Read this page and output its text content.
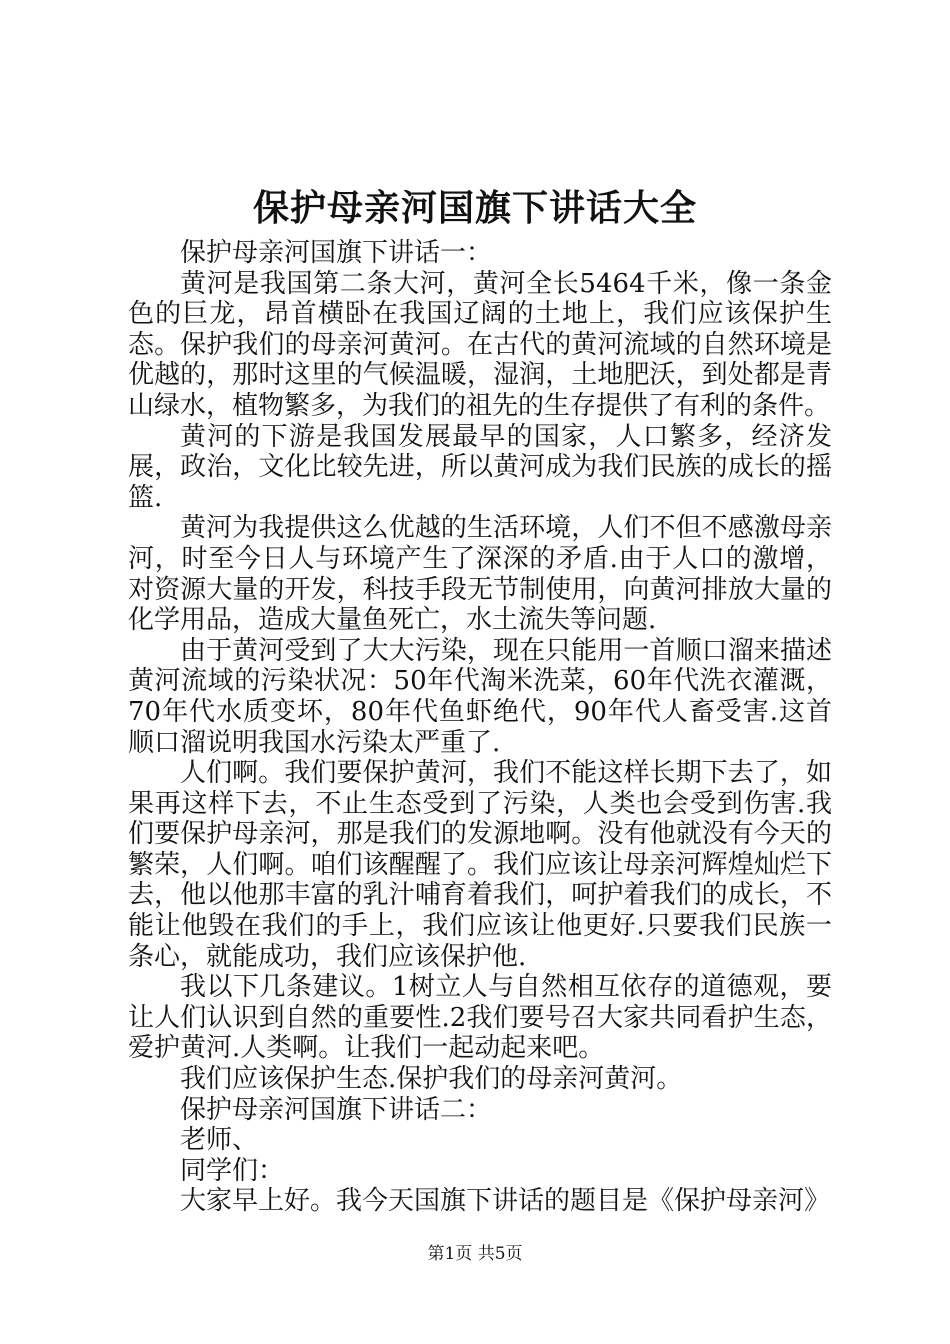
保护母亲河国旗下讲话大全

保护母亲河国旗下讲话一：

黄河是我国第二条大河，黄河全长5464千米，像一条金色的巨龙，昂首横卧在我国辽阔的土地上，我们应该保护生态。保护我们的母亲河黄河。在古代的黄河流域的自然环境是优越的，那时这里的气候温暖，湿润，土地肥沃，到处都是青山绿水，植物繁多，为我们的祖先的生存提供了有利的条件。

黄河的下游是我国发展最早的国家，人口繁多，经济发展，政治，文化比较先进，所以黄河成为我们民族的成长的摇篮.

黄河为我提供这么优越的生活环境，人们不但不感激母亲河，时至今日人与环境产生了深深的矛盾.由于人口的激增，对资源大量的开发，科技手段无节制使用，向黄河排放大量的化学用品，造成大量鱼死亡，水土流失等问题.

由于黄河受到了大大污染，现在只能用一首顺口溜来描述黄河流域的污染状况：50年代淘米洗菜，60年代洗衣灌溉，70年代水质变坏，80年代鱼虾绝代，90年代人畜受害.这首顺口溜说明我国水污染太严重了.

人们啊。我们要保护黄河，我们不能这样长期下去了，如果再这样下去，不止生态受到了污染，人类也会受到伤害.我们要保护母亲河，那是我们的发源地啊。没有他就没有今天的繁荣，人们啊。咱们该醒醒了。我们应该让母亲河辉煌灿烂下去，他以他那丰富的乳汁哺育着我们，呵护着我们的成长，不能让他毁在我们的手上，我们应该让他更好.只要我们民族一条心，就能成功，我们应该保护他.

我以下几条建议。1树立人与自然相互依存的道德观，要让人们认识到自然的重要性.2我们要号召大家共同看护生态，爱护黄河.人类啊。让我们一起动起来吧。

我们应该保护生态.保护我们的母亲河黄河。

保护母亲河国旗下讲话二：

老师、

同学们：

大家早上好。我今天国旗下讲话的题目是《保护母亲河》

第1页 共5页
